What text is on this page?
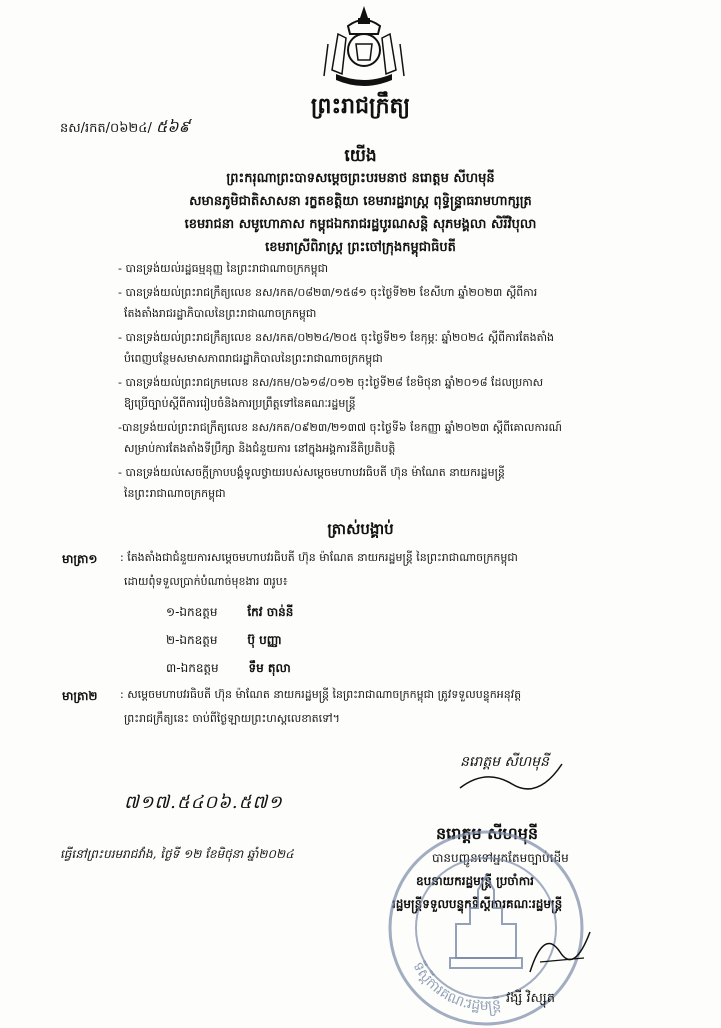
ព្រះរាជក្រឹត្យ
នស/រកត/០៦២៤/ ៥៦៩
យើង
ព្រះករុណាព្រះបាទសម្ដេចព្រះបរមនាថ នរោត្តម សីហមុនី
សមានភូមិជាតិសាសនា រក្ខតខត្តិយា ខេមរារដ្ឋរាស្ត្រ ពុទ្ធិន្ទ្រាធរាមហាក្សត្រ
ខេមរាជនា សមូហោភាស កម្ពុជឯករាជរដ្ឋបូរណសន្តិ សុភមង្គលា សិរីវិបុលា
ខេមរាស្រីពិរាស្ត្រ ព្រះចៅក្រុងកម្ពុជាធិបតី
- បានទ្រង់យល់រដ្ឋធម្មនុញ្ញ នៃព្រះរាជាណាចក្រកម្ពុជា
- បានទ្រង់យល់ព្រះរាជក្រឹត្យលេខ នស/រកត/០៨២៣/១៥៨១ ចុះថ្ងៃទី២២ ខែសីហា ឆ្នាំ២០២៣ ស្ដីពីការ
តែងតាំងរាជរដ្ឋាភិបាលនៃព្រះរាជាណាចក្រកម្ពុជា
- បានទ្រង់យល់ព្រះរាជក្រឹត្យលេខ នស/រកត/០២២៤/២០៥ ចុះថ្ងៃទី២១ ខែកុម្ភៈ ឆ្នាំ២០២៤ ស្ដីពីការតែងតាំង
បំពេញបន្ថែមសមាសភាពរាជរដ្ឋាភិបាលនៃព្រះរាជាណាចក្រកម្ពុជា
- បានទ្រង់យល់ព្រះរាជក្រមលេខ នស/រកម/០៦១៨/០១២ ចុះថ្ងៃទី២៨ ខែមិថុនា ឆ្នាំ២០១៨ ដែលប្រកាស
ឱ្យប្រើច្បាប់ស្ដីពីការរៀបចំនិងការប្រព្រឹត្តទៅនៃគណៈរដ្ឋមន្ត្រី
-បានទ្រង់យល់ព្រះរាជក្រឹត្យលេខ នស/រកត/០៩២៣/២១៣៧ ចុះថ្ងៃទី៦ ខែកញ្ញា ឆ្នាំ២០២៣ ស្ដីពីគោលការណ៍
សម្រាប់ការតែងតាំងទីប្រឹក្សា និងជំនួយការ នៅក្នុងអង្គការនីតិប្រតិបត្តិ
- បានទ្រង់យល់សេចក្ដីក្រាបបង្គំទូលថ្វាយរបស់សម្ដេចមហាបវរធិបតី ហ៊ុន ម៉ាណែត នាយករដ្ឋមន្ត្រី
នៃព្រះរាជាណាចក្រកម្ពុជា
ត្រាស់បង្គាប់
មាត្រា១ : តែងតាំងជាជំនួយការសម្ដេចមហាបវរធិបតី ហ៊ុន ម៉ាណែត នាយករដ្ឋមន្ត្រី នៃព្រះរាជាណាចក្រកម្ពុជា
ដោយពុំទទួលប្រាក់បំណាច់មុខងារ ៣រូប៖
១-ឯកឧត្ដម កែវ ចាន់នី
២-ឯកឧត្ដម ប៊ុ បញ្ញា
៣-ឯកឧត្ដម ទឹម តុលា
មាត្រា២ : សម្ដេចមហាបវរធិបតី ហ៊ុន ម៉ាណែត នាយករដ្ឋមន្ត្រី នៃព្រះរាជាណាចក្រកម្ពុជា ត្រូវទទួលបន្ទុកអនុវត្ត
ព្រះរាជក្រឹត្យនេះ ចាប់ពីថ្ងៃឡាយព្រះហស្ដលេខាតទៅ។
នរោត្តម សីហមុនី
៧១៧.៥៤០៦.៥៧១
ធ្វើនៅព្រះបរមរាជវាំង, ថ្ងៃទី ១២ ខែមិថុនា ឆ្នាំ២០២៤
នរោត្តម សីហមុនី
បានបញ្ជូនទៅអ្នកតែមច្បាប់ដើម
ឧបនាយករដ្ឋមន្ត្រី ប្រចាំការ
រដ្ឋមន្ត្រីទទួលបន្ទុកទីស្ដីការគណៈរដ្ឋមន្ត្រី
ទីស្ដីការគណៈរដ្ឋមន្ត្រី វង្សី វិស្សុត
